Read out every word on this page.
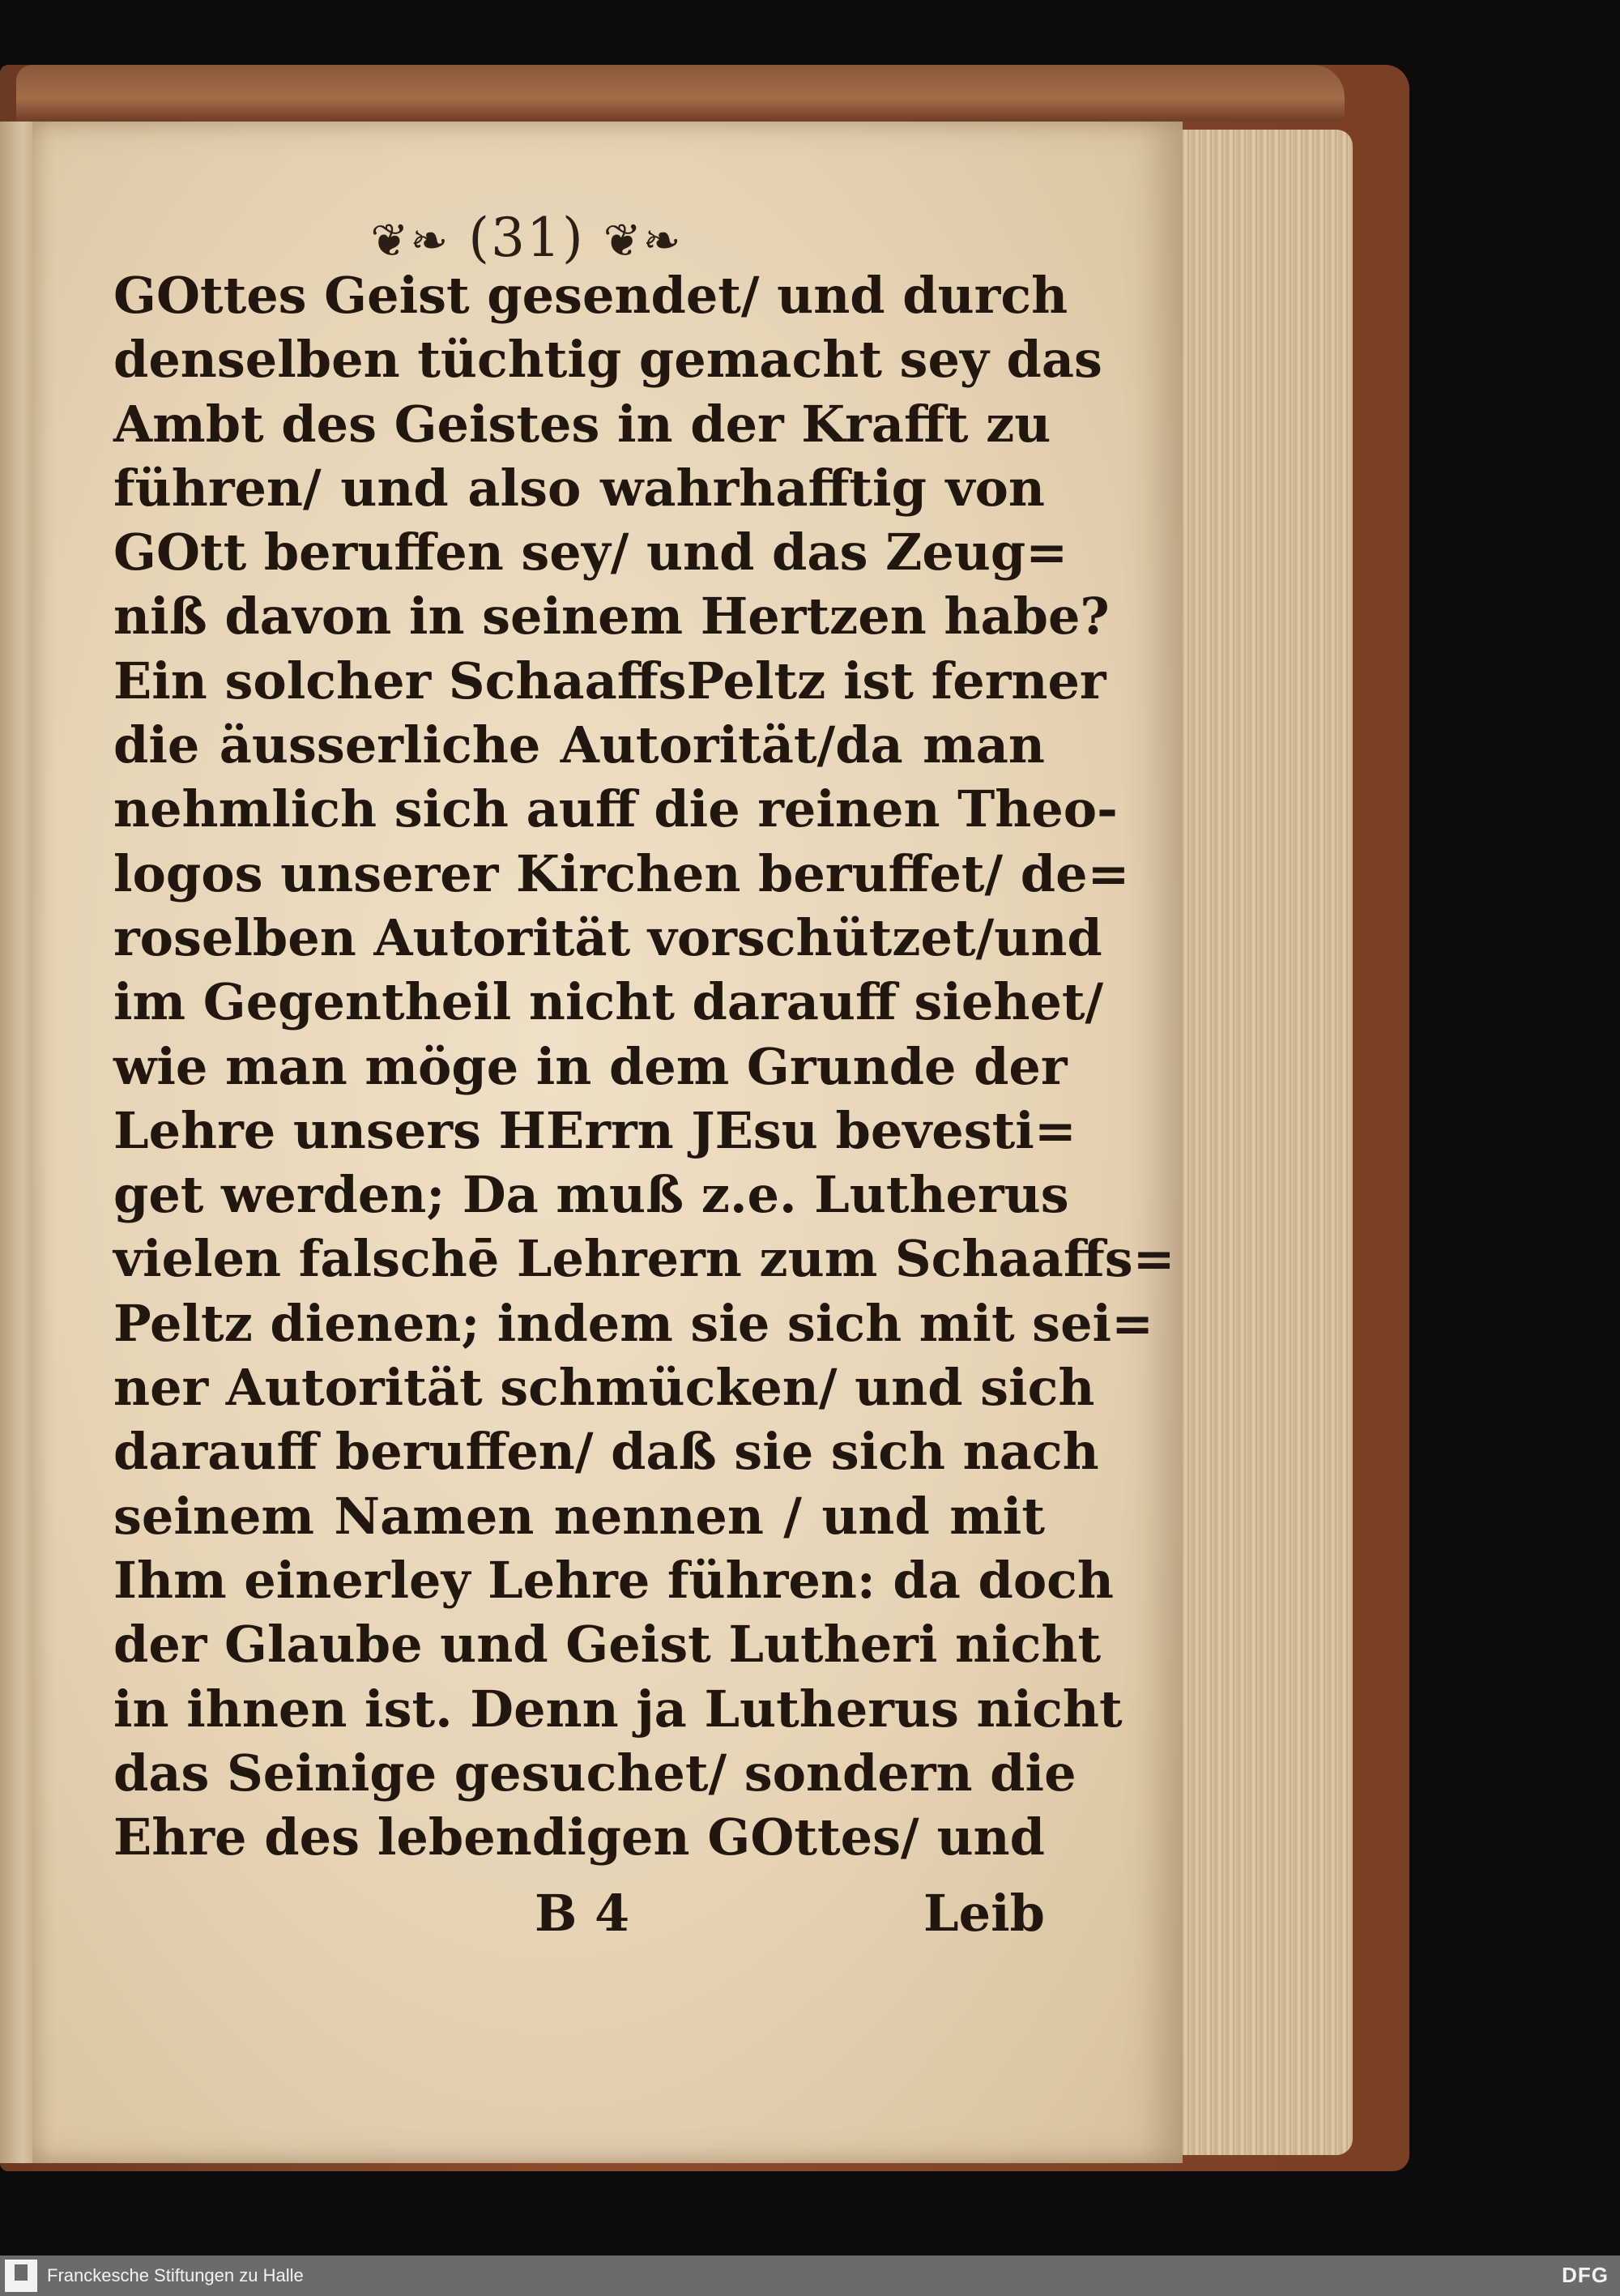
❦❧ (31) ❦❧
GOttes Geist gesendet/ und durch
denselben tüchtig gemacht sey das
Ambt des Geistes in der Krafft zu
führen/ und also wahrhafftig von
GOtt beruffen sey/ und das Zeug=
niß davon in seinem Hertzen habe?
Ein solcher SchaaffsPeltz ist ferner
die äusserliche Autorität/da man
nehmlich sich auff die reinen Theo-
logos unserer Kirchen beruffet/ de=
roselben Autorität vorschützet/und
im Gegentheil nicht darauff siehet/
wie man möge in dem Grunde der
Lehre unsers HErrn JEsu bevesti=
get werden; Da muß z.e. Lutherus
vielen falschē Lehrern zum Schaaffs=
Peltz dienen; indem sie sich mit sei=
ner Autorität schmücken/ und sich
darauff beruffen/ daß sie sich nach
seinem Namen nennen / und mit
Ihm einerley Lehre führen: da doch
der Glaube und Geist Lutheri nicht
in ihnen ist. Denn ja Lutherus nicht
das Seinige gesuchet/ sondern die
Ehre des lebendigen GOttes/ und
B 4	Leib
Franckesche Stiftungen zu Halle	DFG
